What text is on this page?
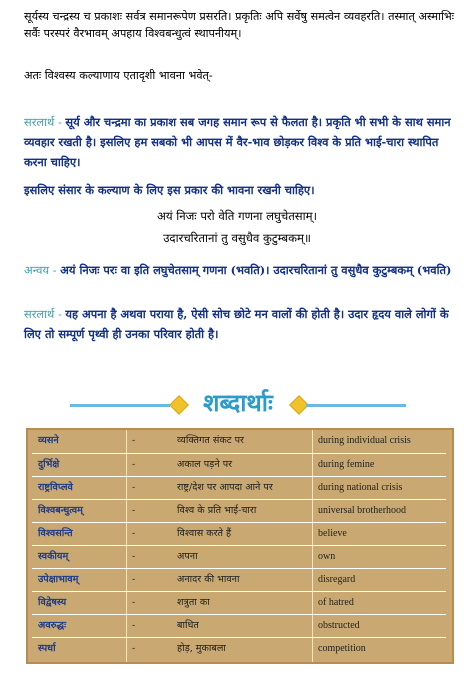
सूर्यस्य चन्द्रस्य च प्रकाशः सर्वत्र समानरूपेण प्रसरति। प्रकृतिः अपि सर्वेषु समत्वेन व्यवहरति। तस्मात् अस्माभिः सर्वैः परस्परं वैरभावम् अपहाय विश्वबन्धुत्वं स्थापनीयम्।

अतः विश्वस्य कल्याणाय एतादृशी भावना भवेत्-

सरलार्थ - सूर्य और चन्द्रमा का प्रकाश सब जगह समान रूप से फैलता है। प्रकृति भी सभी के साथ समान व्यवहार रखती है। इसलिए हम सबको भी आपस में वैर-भाव छोड़कर विश्व के प्रति भाई-चारा स्थापित करना चाहिए।
इसलिए संसार के कल्याण के लिए इस प्रकार की भावना रखनी चाहिए।
अयं निजः परो वेति गणना लघुचेतसाम्।
उदारचरितानां तु वसुधैव कुटुम्बकम्॥
अन्वय - अयं निजः परः वा इति लघुचेतसाम् गणना (भवति)। उदारचरितानां तु वसुधैव कुटुम्बकम् (भवति)
सरलार्थ - यह अपना है अथवा पराया है, ऐसी सोच छोटे मन वालों की होती है। उदार हृदय वाले लोगों के लिए तो सम्पूर्ण पृथ्वी ही उनका परिवार होती है।
शब्दार्थाः
व्यसने	-	व्यक्तिगत संकट पर	during individual crisis
दुर्भिक्षे	-	अकाल पड़ने पर	during femine
राष्ट्रविप्लवे	-	राष्ट्र/देश पर आपदा आने पर	during national crisis
विश्वबन्धुत्वम्	-	विश्व के प्रति भाई-चारा	universal brotherhood
विश्वसन्ति	-	विश्वास करते हैं	believe
स्वकीयम्	-	अपना	own
उपेक्षाभावम्	-	अनादर की भावना	disregard
विद्वेषस्य	-	शत्रुता का	of hatred
अवरुद्धः	-	बाधित	obstructed
स्पर्धा	-	होड़, मुकाबला	competition
